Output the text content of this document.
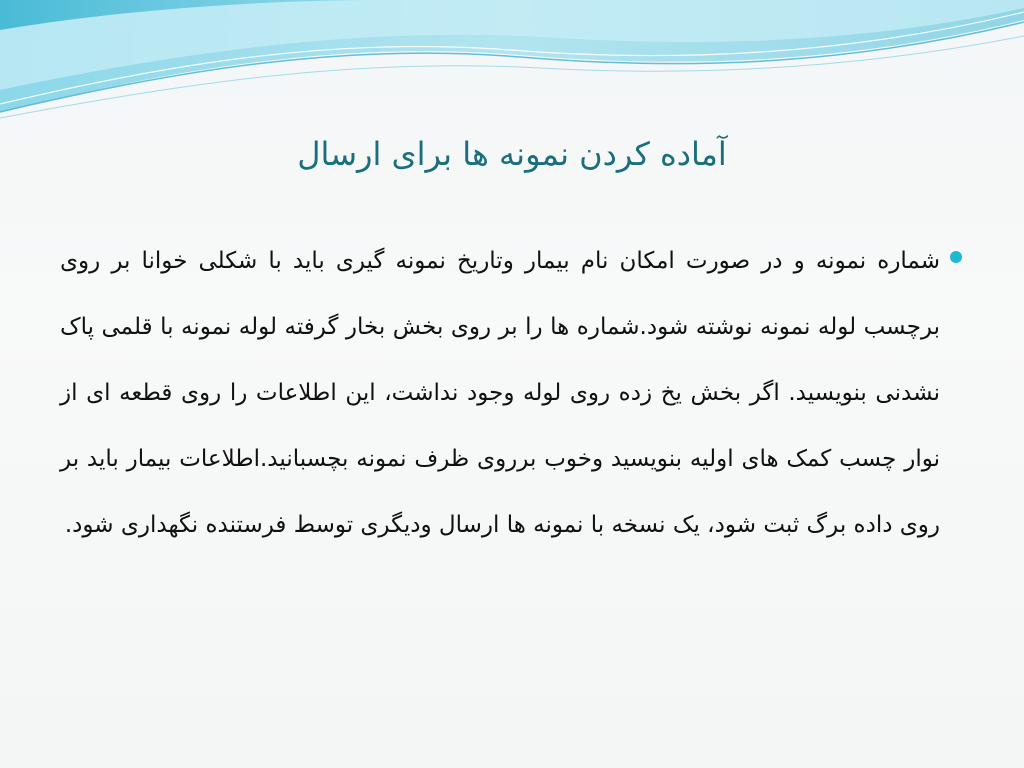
آماده کردن نمونه ها برای ارسال

شماره نمونه و در صورت امکان نام بیمار وتاریخ نمونه گیری باید با شکلی خوانا بر روی برچسب لوله نمونه نوشته شود.شماره ها را بر روی بخش بخار گرفته لوله نمونه با قلمی پاک نشدنی بنویسید. اگر بخش یخ زده روی لوله وجود نداشت، این اطلاعات را روی قطعه ای از نوار چسب کمک های اولیه بنویسید وخوب برروی ظرف نمونه بچسبانید.اطلاعات بیمار باید بر روی داده برگ ثبت شود، یک نسخه با نمونه ها ارسال ودیگری توسط فرستنده نگهداری شود.
